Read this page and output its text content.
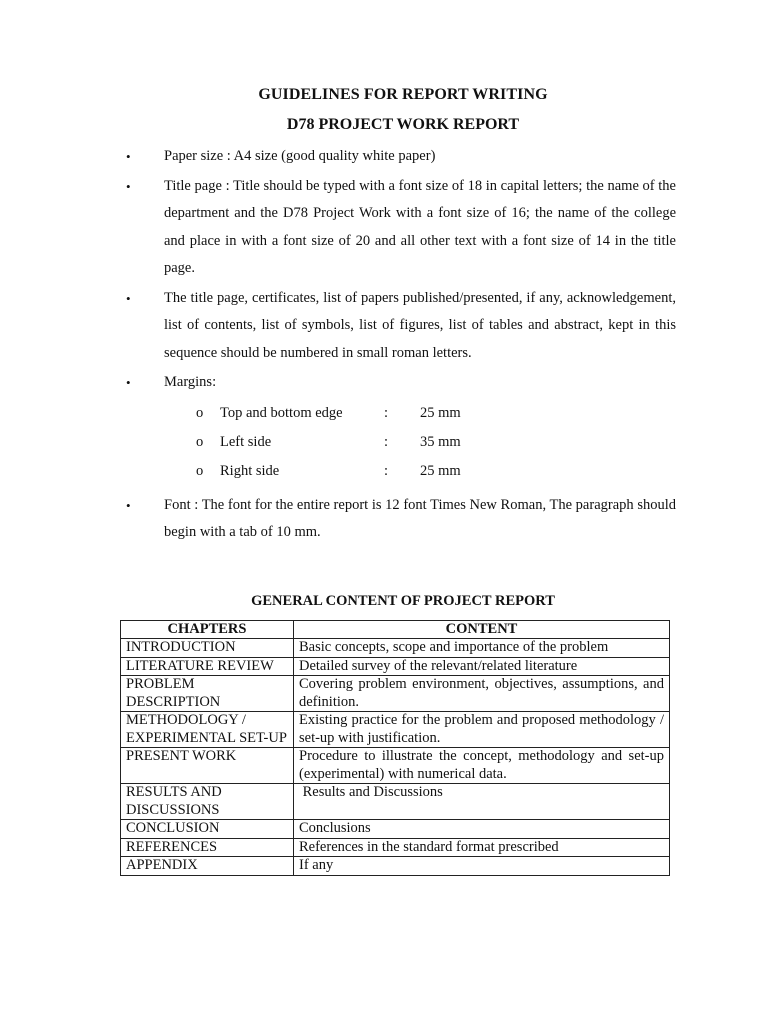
GUIDELINES FOR REPORT WRITING
D78 PROJECT WORK REPORT
• Paper size : A4 size (good quality white paper)
• Title page : Title should be typed with a font size of 18 in capital letters; the name of the department and the D78 Project Work with a font size of 16; the name of the college and place in with a font size of 20 and all other text with a font size of 14 in the title page.
• The title page, certificates, list of papers published/presented, if any, acknowledgement, list of contents, list of symbols, list of figures, list of tables and abstract, kept in this sequence should be numbered in small roman letters.
• Margins:
o Top and bottom edge	: 25 mm
o Left side	: 35 mm
o Right side	: 25 mm
• Font : The font for the entire report is 12 font Times New Roman, The paragraph should begin with a tab of 10 mm.
GENERAL CONTENT OF PROJECT REPORT
CHAPTERS	CONTENT
INTRODUCTION	Basic concepts, scope and importance of the problem
LITERATURE REVIEW	Detailed survey of the relevant/related literature
PROBLEM DESCRIPTION	Covering problem environment, objectives, assumptions, and definition.
METHODOLOGY / EXPERIMENTAL SET-UP	Existing practice for the problem and proposed methodology / set-up with justification.
PRESENT WORK	Procedure to illustrate the concept, methodology and set-up (experimental) with numerical data.
RESULTS AND DISCUSSIONS	Results and Discussions
CONCLUSION	Conclusions
REFERENCES	References in the standard format prescribed
APPENDIX	If any
